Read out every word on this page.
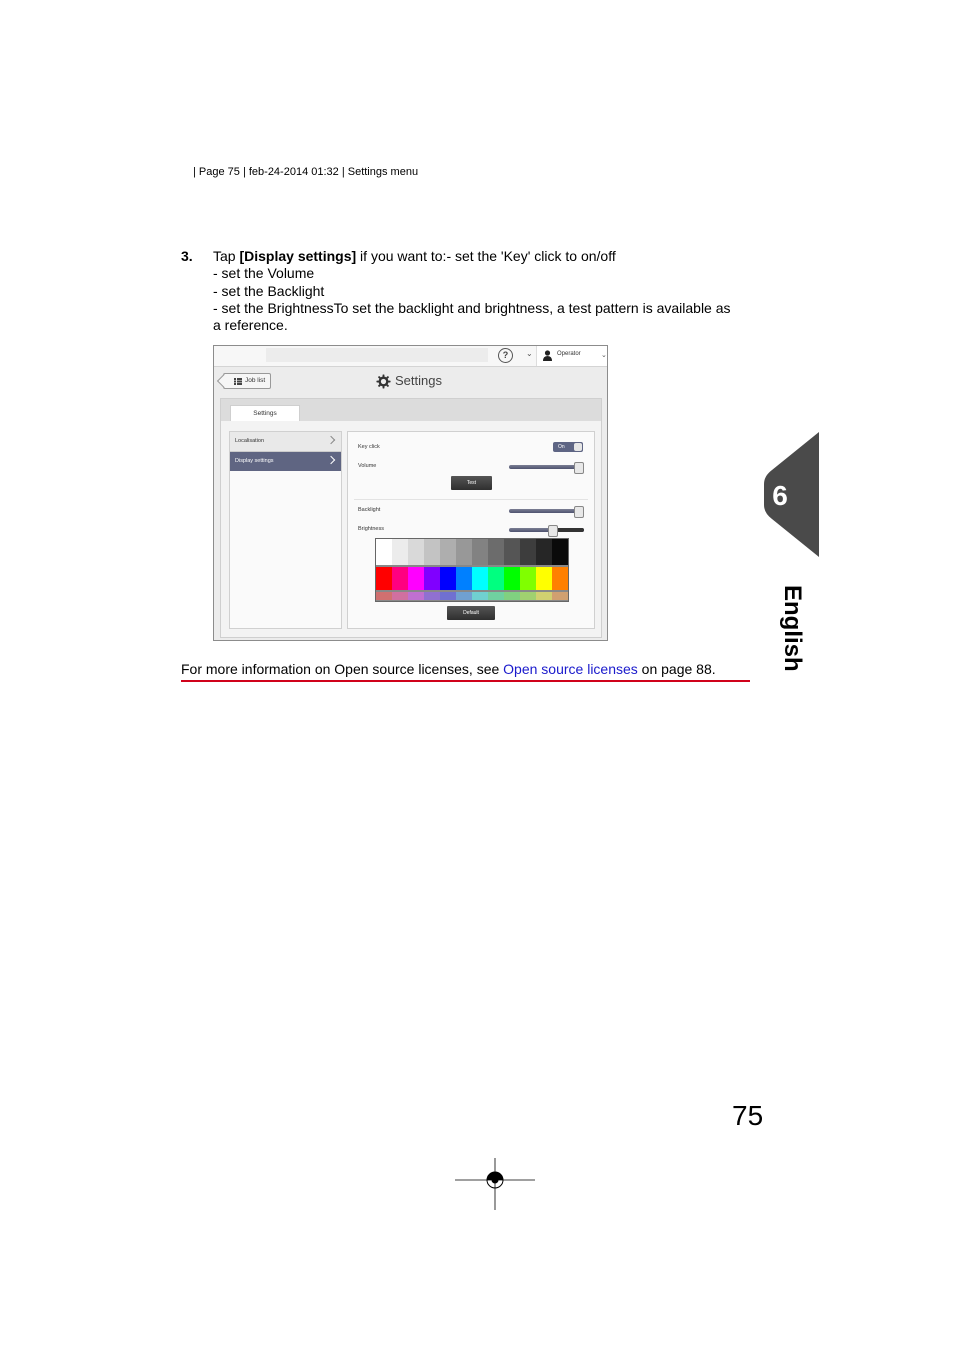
| Page 75 | feb-24-2014 01:32 | Settings menu
3. Tap [Display settings] if you want to:- set the 'Key' click to on/off
- set the Volume
- set the Backlight
- set the BrightnessTo set the backlight and brightness, a test pattern is available as
a reference.
?	⌄	Operator	⌄
Job list	Settings
Settings
Localisation
Display settings
Key click	On
Volume
Test
Backlight
Brightness
Default
For more information on Open source licenses, see Open source licenses on page 88.
6
English
75
